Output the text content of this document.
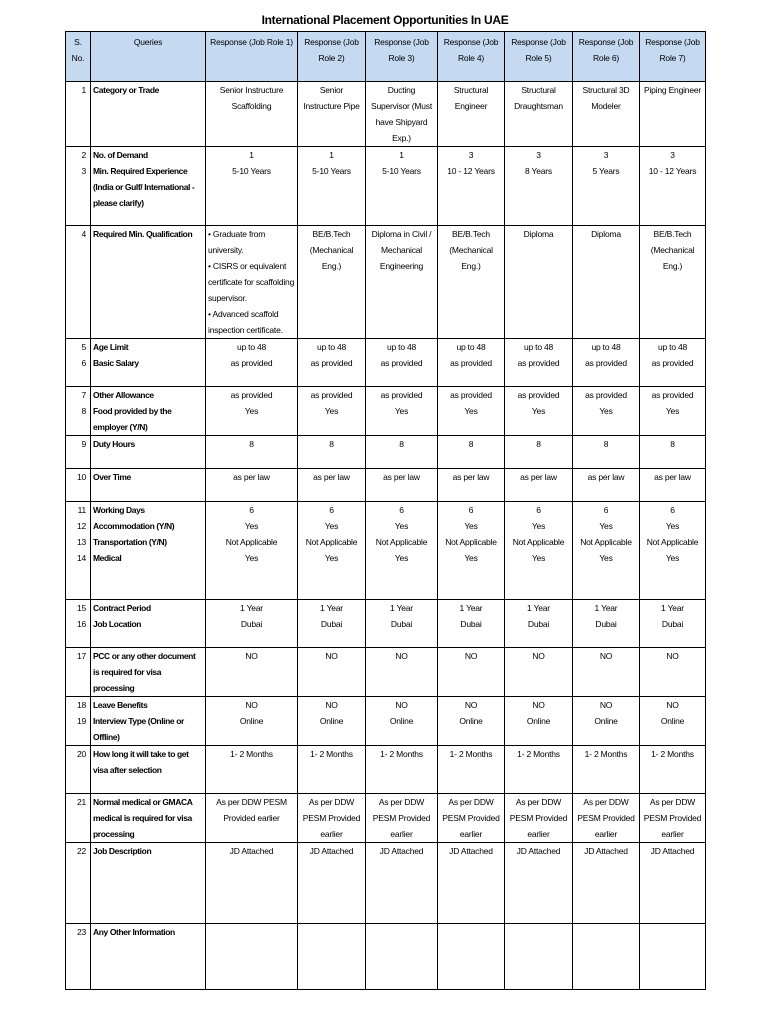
International Placement Opportunities In UAE
S. No.	Queries	Response (Job Role 1)	Response (Job Role 2)	Response (Job Role 3)	Response (Job Role 4)	Response (Job Role 5)	Response (Job Role 6)	Response (Job Role 7)
1	Category or Trade	Senior Instructure Scaffolding	Senior Instructure Pipe	Ducting Supervisor (Must have Shipyard Exp.)	Structural Engineer	Structural Draughtsman	Structural 3D Modeler	Piping Engineer
2	No. of Demand	1	1	1	3	3	3	3
3	Min. Required Experience (India or Gulf/ International - please clarify)	5-10 Years	5-10 Years	5-10 Years	10 - 12 Years	8 Years	5 Years	10 - 12 Years
4	Required Min. Qualification	• Graduate from university.
• CISRS or equivalent certificate for scaffolding supervisor.
• Advanced scaffold inspection certificate.	BE/B.Tech (Mechanical Eng.)	Diploma in Civil / Mechanical Engineering	BE/B.Tech (Mechanical Eng.)	Diploma	Diploma	BE/B.Tech (Mechanical Eng.)
5	Age Limit	up to 48	up to 48	up to 48	up to 48	up to 48	up to 48	up to 48
6	Basic Salary	as provided	as provided	as provided	as provided	as provided	as provided	as provided
7	Other Allowance	as provided	as provided	as provided	as provided	as provided	as provided	as provided
8	Food provided by the employer (Y/N)	Yes	Yes	Yes	Yes	Yes	Yes	Yes
9	Duty Hours	8	8	8	8	8	8	8
10	Over Time	as per law	as per law	as per law	as per law	as per law	as per law	as per law
11	Working Days	6	6	6	6	6	6	6
12	Accommodation (Y/N)	Yes	Yes	Yes	Yes	Yes	Yes	Yes
13	Transportation (Y/N)	Not Applicable	Not Applicable	Not Applicable	Not Applicable	Not Applicable	Not Applicable	Not Applicable
14	Medical	Yes	Yes	Yes	Yes	Yes	Yes	Yes
15	Contract Period	1 Year	1 Year	1 Year	1 Year	1 Year	1 Year	1 Year
16	Job Location	Dubai	Dubai	Dubai	Dubai	Dubai	Dubai	Dubai
17	PCC or any other document is required for visa processing	NO	NO	NO	NO	NO	NO	NO
18	Leave Benefits	NO	NO	NO	NO	NO	NO	NO
19	Interview Type (Online or Offline)	Online	Online	Online	Online	Online	Online	Online
20	How long it will take to get visa after selection	1- 2 Months	1- 2 Months	1- 2 Months	1- 2 Months	1- 2 Months	1- 2 Months	1- 2 Months
21	Normal medical or GMACA medical is required for visa processing	As per DDW PESM Provided earlier	As per DDW PESM Provided earlier	As per DDW PESM Provided earlier	As per DDW PESM Provided earlier	As per DDW PESM Provided earlier	As per DDW PESM Provided earlier	As per DDW PESM Provided earlier
22	Job Description	JD Attached	JD Attached	JD Attached	JD Attached	JD Attached	JD Attached	JD Attached
23	Any Other Information							
